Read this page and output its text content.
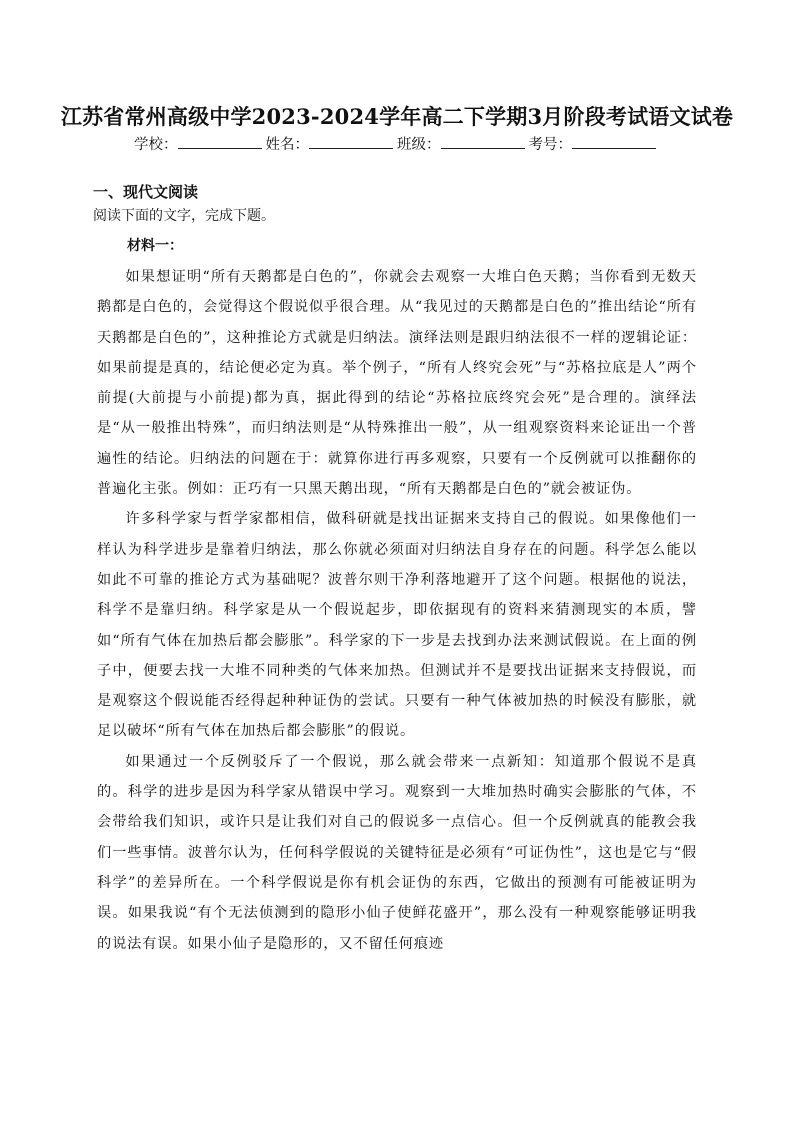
江苏省常州高级中学2023-2024学年高二下学期3月阶段考试语文试卷
学校：	姓名：	班级：	考号：
一、现代文阅读
阅读下面的文字，完成下题。
材料一：

如果想证明“所有天鹅都是白色的”，你就会去观察一大堆白色天鹅；当你看到无数天鹅都是白色的，会觉得这个假说似乎很合理。从“我见过的天鹅都是白色的”推出结论“所有天鹅都是白色的”，这种推论方式就是归纳法。演绎法则是跟归纳法很不一样的逻辑论证：如果前提是真的，结论便必定为真。举个例子，“所有人终究会死”与“苏格拉底是人”两个前提(大前提与小前提)都为真，据此得到的结论“苏格拉底终究会死”是合理的。演绎法是“从一般推出特殊”，而归纳法则是“从特殊推出一般”，从一组观察资料来论证出一个普遍性的结论。归纳法的问题在于：就算你进行再多观察，只要有一个反例就可以推翻你的普遍化主张。例如：正巧有一只黑天鹅出现，“所有天鹅都是白色的”就会被证伪。

许多科学家与哲学家都相信，做科研就是找出证据来支持自己的假说。如果像他们一样认为科学进步是靠着归纳法，那么你就必须面对归纳法自身存在的问题。科学怎么能以如此不可靠的推论方式为基础呢？波普尔则干净利落地避开了这个问题。根据他的说法，科学不是靠归纳。科学家是从一个假说起步，即依据现有的资料来猜测现实的本质，譬如“所有气体在加热后都会膨胀”。科学家的下一步是去找到办法来测试假说。在上面的例子中，便要去找一大堆不同种类的气体来加热。但测试并不是要找出证据来支持假说，而是观察这个假说能否经得起种种证伪的尝试。只要有一种气体被加热的时候没有膨胀，就足以破坏“所有气体在加热后都会膨胀”的假说。

如果通过一个反例驳斥了一个假说，那么就会带来一点新知：知道那个假说不是真的。科学的进步是因为科学家从错误中学习。观察到一大堆加热时确实会膨胀的气体，不会带给我们知识，或许只是让我们对自己的假说多一点信心。但一个反例就真的能教会我们一些事情。波普尔认为，任何科学假说的关键特征是必须有“可证伪性”，这也是它与“假科学”的差异所在。一个科学假说是你有机会证伪的东西，它做出的预测有可能被证明为误。如果我说“有个无法侦测到的隐形小仙子使鲜花盛开”，那么没有一种观察能够证明我的说法有误。如果小仙子是隐形的，又不留任何痕迹
